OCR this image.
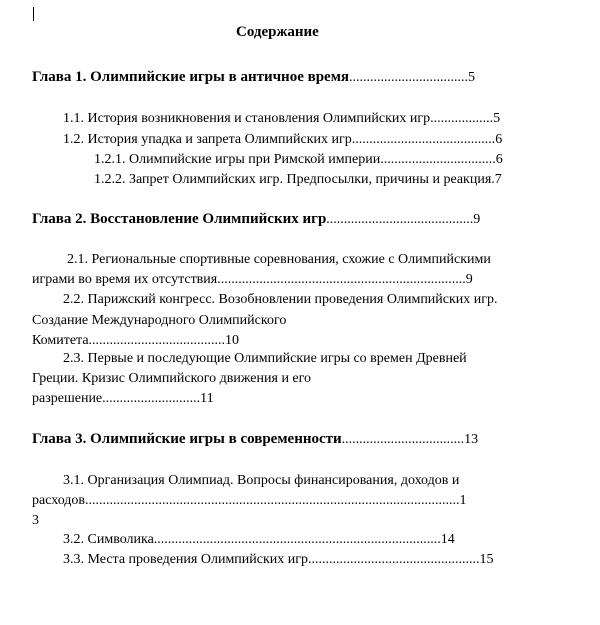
Содержание
Глава 1. Олимпийские игры в античное время..................................5
1.1. История возникновения и становления Олимпийских игр..................5
1.2. История упадка и запрета Олимпийских игр.........................................6
1.2.1. Олимпийские игры при Римской империи.................................6
1.2.2. Запрет Олимпийских игр. Предпосылки, причины и реакция.7
Глава 2. Восстановление Олимпийских игр..........................................9
2.1. Региональные спортивные соревнования, схожие с Олимпийскими
играми во время их отсутствия.......................................................................9
2.2. Парижский конгресс. Возобновлении проведения Олимпийских игр.
Создание Международного Олимпийского
Комитета.......................................10
2.3. Первые и последующие Олимпийские игры со времен Древней
Греции. Кризис Олимпийского движения и его
разрешение............................11
Глава 3. Олимпийские игры в современности...................................13
3.1. Организация Олимпиад. Вопросы финансирования, доходов и
расходов...........................................................................................................1
3
3.2. Символика..................................................................................14
3.3. Места проведения Олимпийских игр.................................................15
